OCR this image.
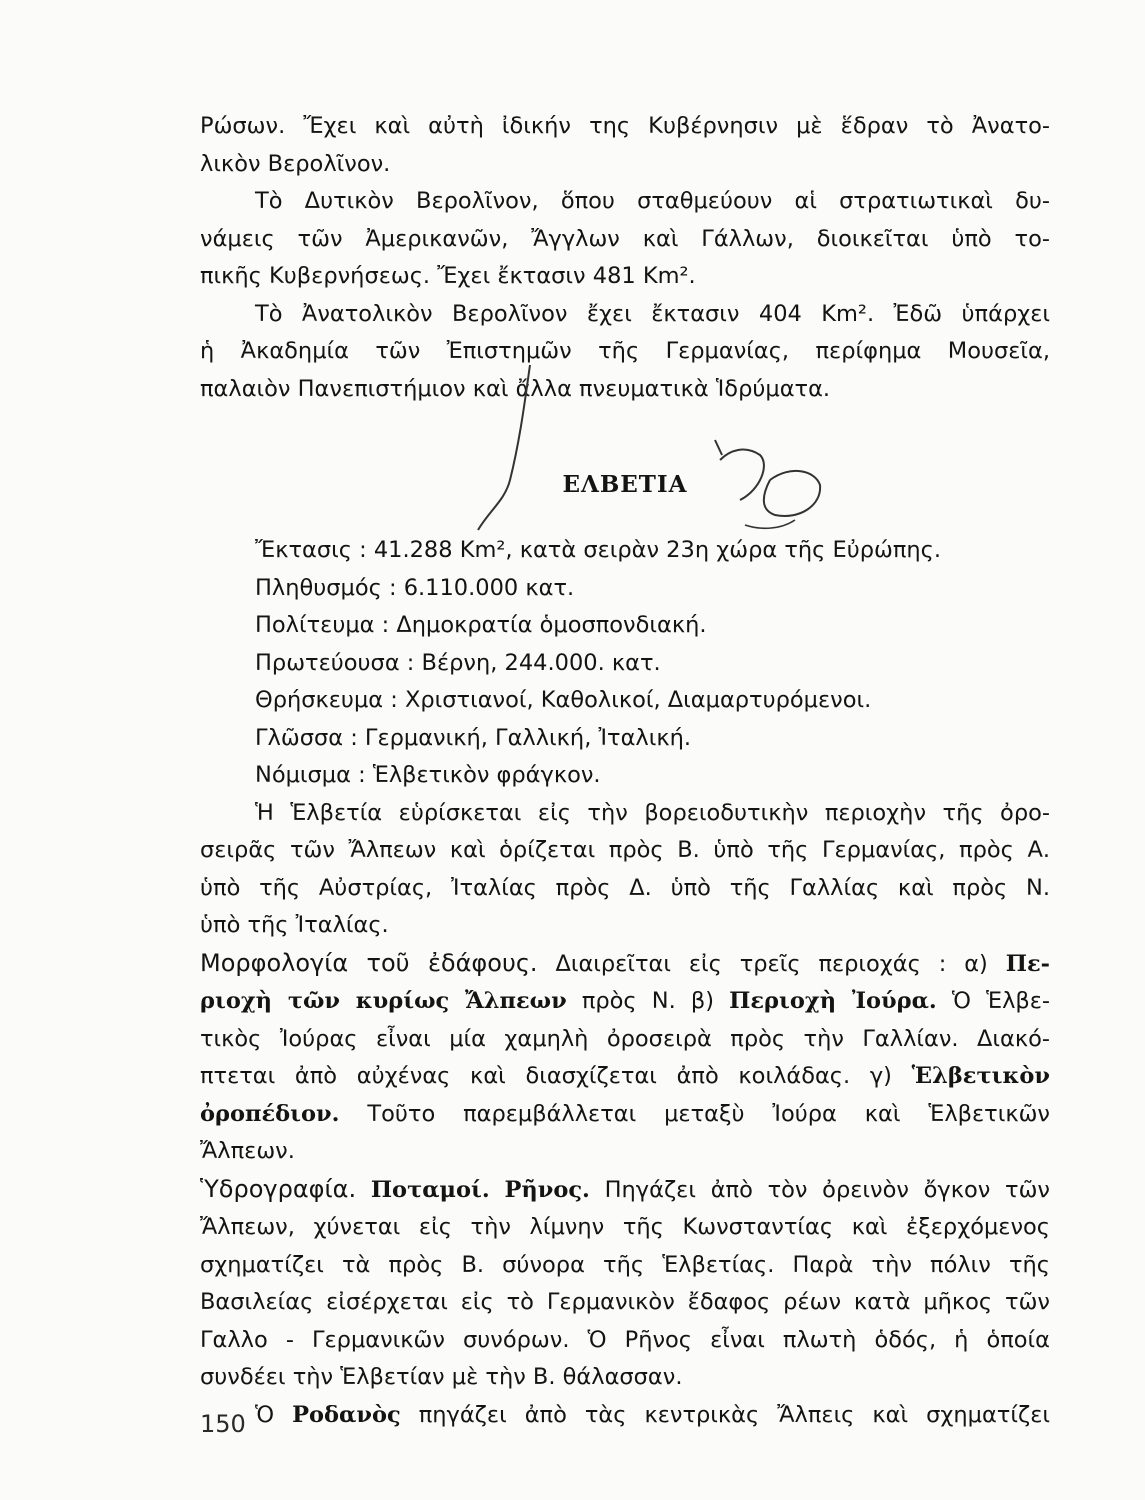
Ρώσων. Ἔχει καὶ αὐτὴ ἰδικήν της Κυβέρνησιν μὲ ἕδραν τὸ Ἀνατο-

λικὸν Βερολῖνον.

Τὸ Δυτικὸν Βερολῖνον, ὅπου σταθμεύουν αἱ στρατιωτικαὶ δυ-

νάμεις τῶν Ἀμερικανῶν, Ἄγγλων καὶ Γάλλων, διοικεῖται ὑπὸ το-

πικῆς Κυβερνήσεως. Ἔχει ἔκτασιν 481 Km².

Τὸ Ἀνατολικὸν Βερολῖνον ἔχει ἔκτασιν 404 Km². Ἐδῶ ὑπάρχει

ἡ Ἀκαδημία τῶν Ἐπιστημῶν τῆς Γερμανίας, περίφημα Μουσεῖα,

παλαιὸν Πανεπιστήμιον καὶ ἄλλα πνευματικὰ Ἱδρύματα.

ΕΛΒΕΤΙΑ

Ἔκτασις : 41.288 Km², κατὰ σειρὰν 23η χώρα τῆς Εὐρώπης.

Πληθυσμός : 6.110.000 κατ.

Πολίτευμα : Δημοκρατία ὁμοσπονδιακή.

Πρωτεύουσα : Βέρνη, 244.000. κατ.

Θρήσκευμα : Χριστιανοί, Καθολικοί, Διαμαρτυρόμενοι.

Γλῶσσα : Γερμανική, Γαλλική, Ἰταλική.

Νόμισμα : Ἑλβετικὸν φράγκον.

Ἡ Ἑλβετία εὑρίσκεται εἰς τὴν βορειοδυτικὴν περιοχὴν τῆς ὀρο-

σειρᾶς τῶν Ἄλπεων καὶ ὁρίζεται πρὸς Β. ὑπὸ τῆς Γερμανίας, πρὸς Α.

ὑπὸ τῆς Αὐστρίας, Ἰταλίας πρὸς Δ. ὑπὸ τῆς Γαλλίας καὶ πρὸς Ν.

ὑπὸ τῆς Ἰταλίας.

Μορφολογία τοῦ ἐδάφους. Διαιρεῖται εἰς τρεῖς περιοχάς : α) Πε-

ριοχὴ τῶν κυρίως Ἄλπεων πρὸς Ν. β) Περιοχὴ Ἰούρα. Ὁ Ἑλβε-

τικὸς Ἰούρας εἶναι μία χαμηλὴ ὀροσειρὰ πρὸς τὴν Γαλλίαν. Διακό-

πτεται ἀπὸ αὐχένας καὶ διασχίζεται ἀπὸ κοιλάδας. γ) Ἑλβετικὸν

ὀροπέδιον. Τοῦτο παρεμβάλλεται μεταξὺ Ἰούρα καὶ Ἑλβετικῶν

Ἄλπεων.

Ὑδρογραφία. Ποταμοί. Ρῆνος. Πηγάζει ἀπὸ τὸν ὀρεινὸν ὄγκον τῶν

Ἄλπεων, χύνεται εἰς τὴν λίμνην τῆς Κωνσταντίας καὶ ἐξερχόμενος

σχηματίζει τὰ πρὸς Β. σύνορα τῆς Ἑλβετίας. Παρὰ τὴν πόλιν τῆς

Βασιλείας εἰσέρχεται εἰς τὸ Γερμανικὸν ἔδαφος ρέων κατὰ μῆκος τῶν

Γαλλο - Γερμανικῶν συνόρων. Ὁ Ρῆνος εἶναι πλωτὴ ὁδός, ἡ ὁποία

συνδέει τὴν Ἑλβετίαν μὲ τὴν Β. θάλασσαν.

Ὁ Ροδανὸς πηγάζει ἀπὸ τὰς κεντρικὰς Ἄλπεις καὶ σχηματίζει

150
